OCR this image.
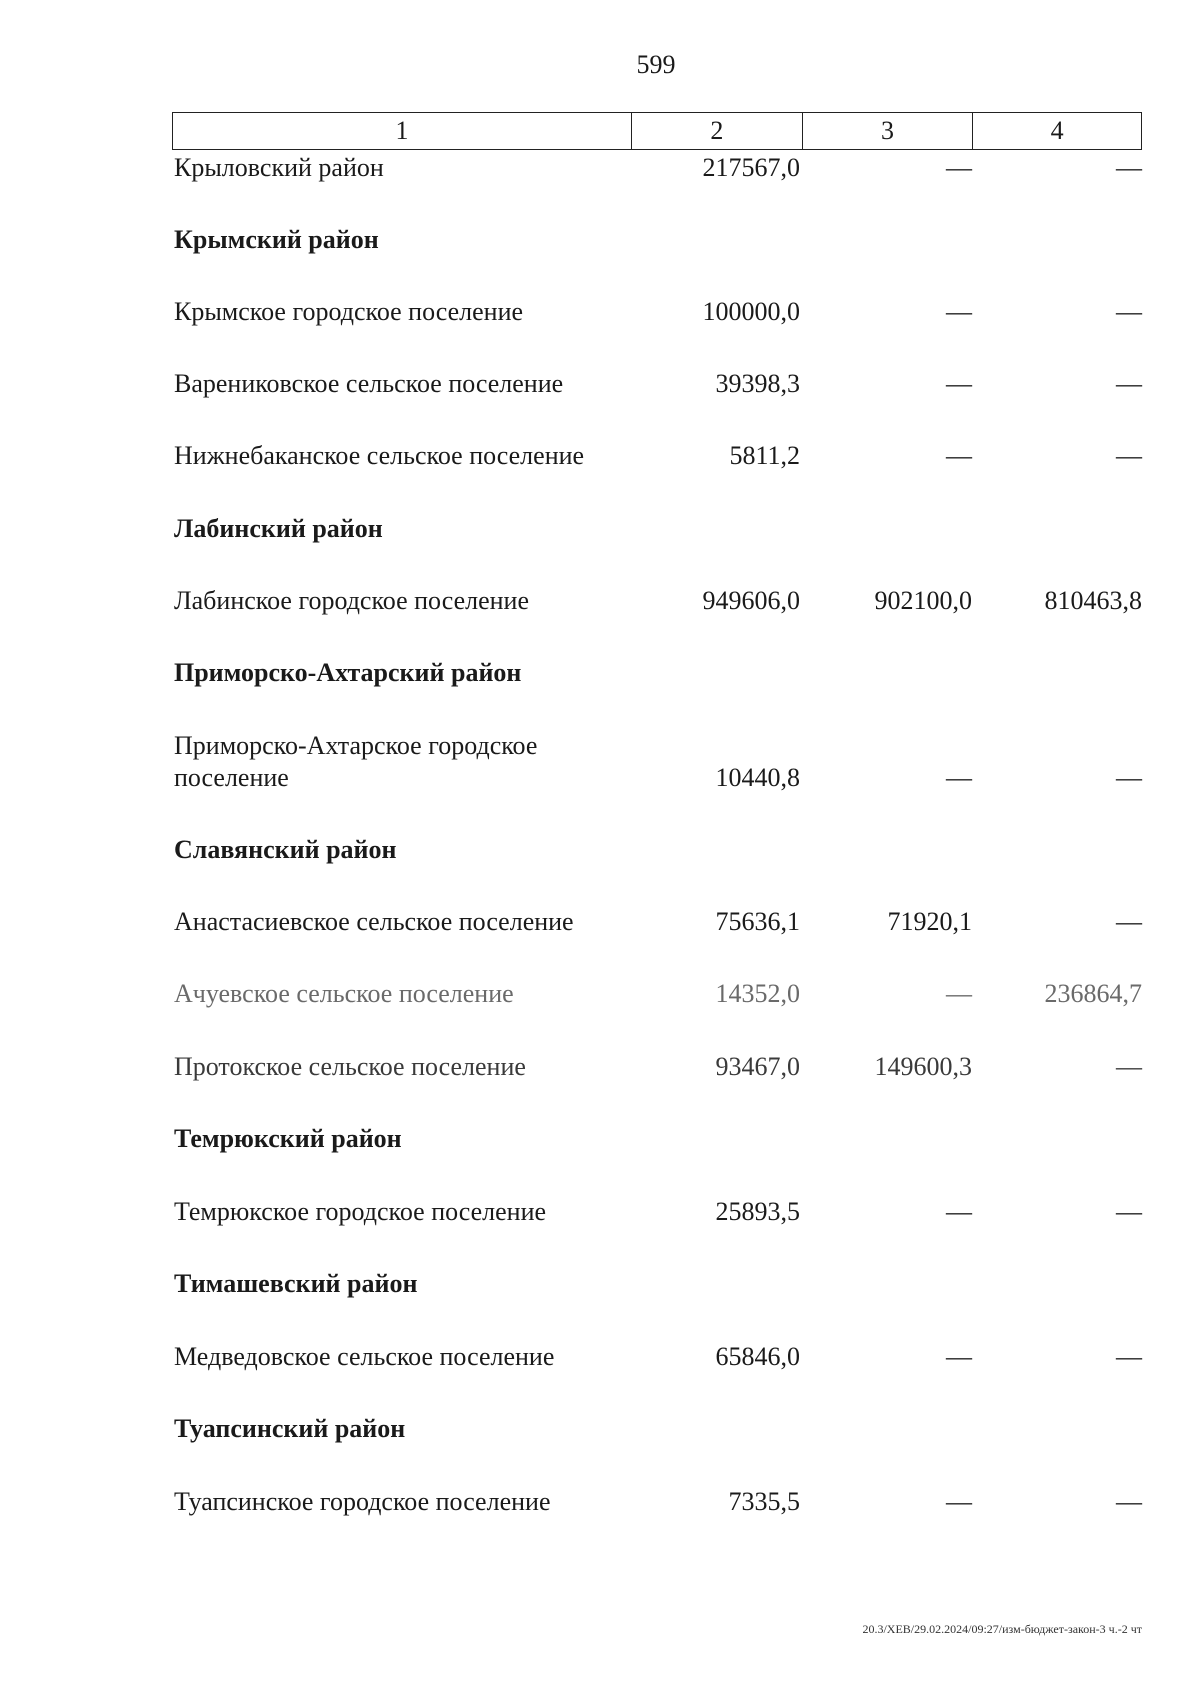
599
1	2	3	4
Крыловский район	217567,0	—	—
Крымский район
Крымское городское поселение	100000,0	—	—
Варениковское сельское поселение	39398,3	—	—
Нижнебаканское сельское поселение	5811,2	—	—
Лабинский район
Лабинское городское поселение	949606,0	902100,0	810463,8
Приморско-Ахтарский район
Приморско-Ахтарское городское
поселение	10440,8	—	—
Славянский район
Анастасиевское сельское поселение	75636,1	71920,1	—
Ачуевское сельское поселение	14352,0	—	236864,7
Протокское сельское поселение	93467,0	149600,3	—
Темрюкский район
Темрюкское городское поселение	25893,5	—	—
Тимашевский район
Медведовское сельское поселение	65846,0	—	—
Туапсинский район
Туапсинское городское поселение	7335,5	—	—
20.3/ХЕВ/29.02.2024/09:27/изм-бюджет-закон-3 ч.-2 чт
